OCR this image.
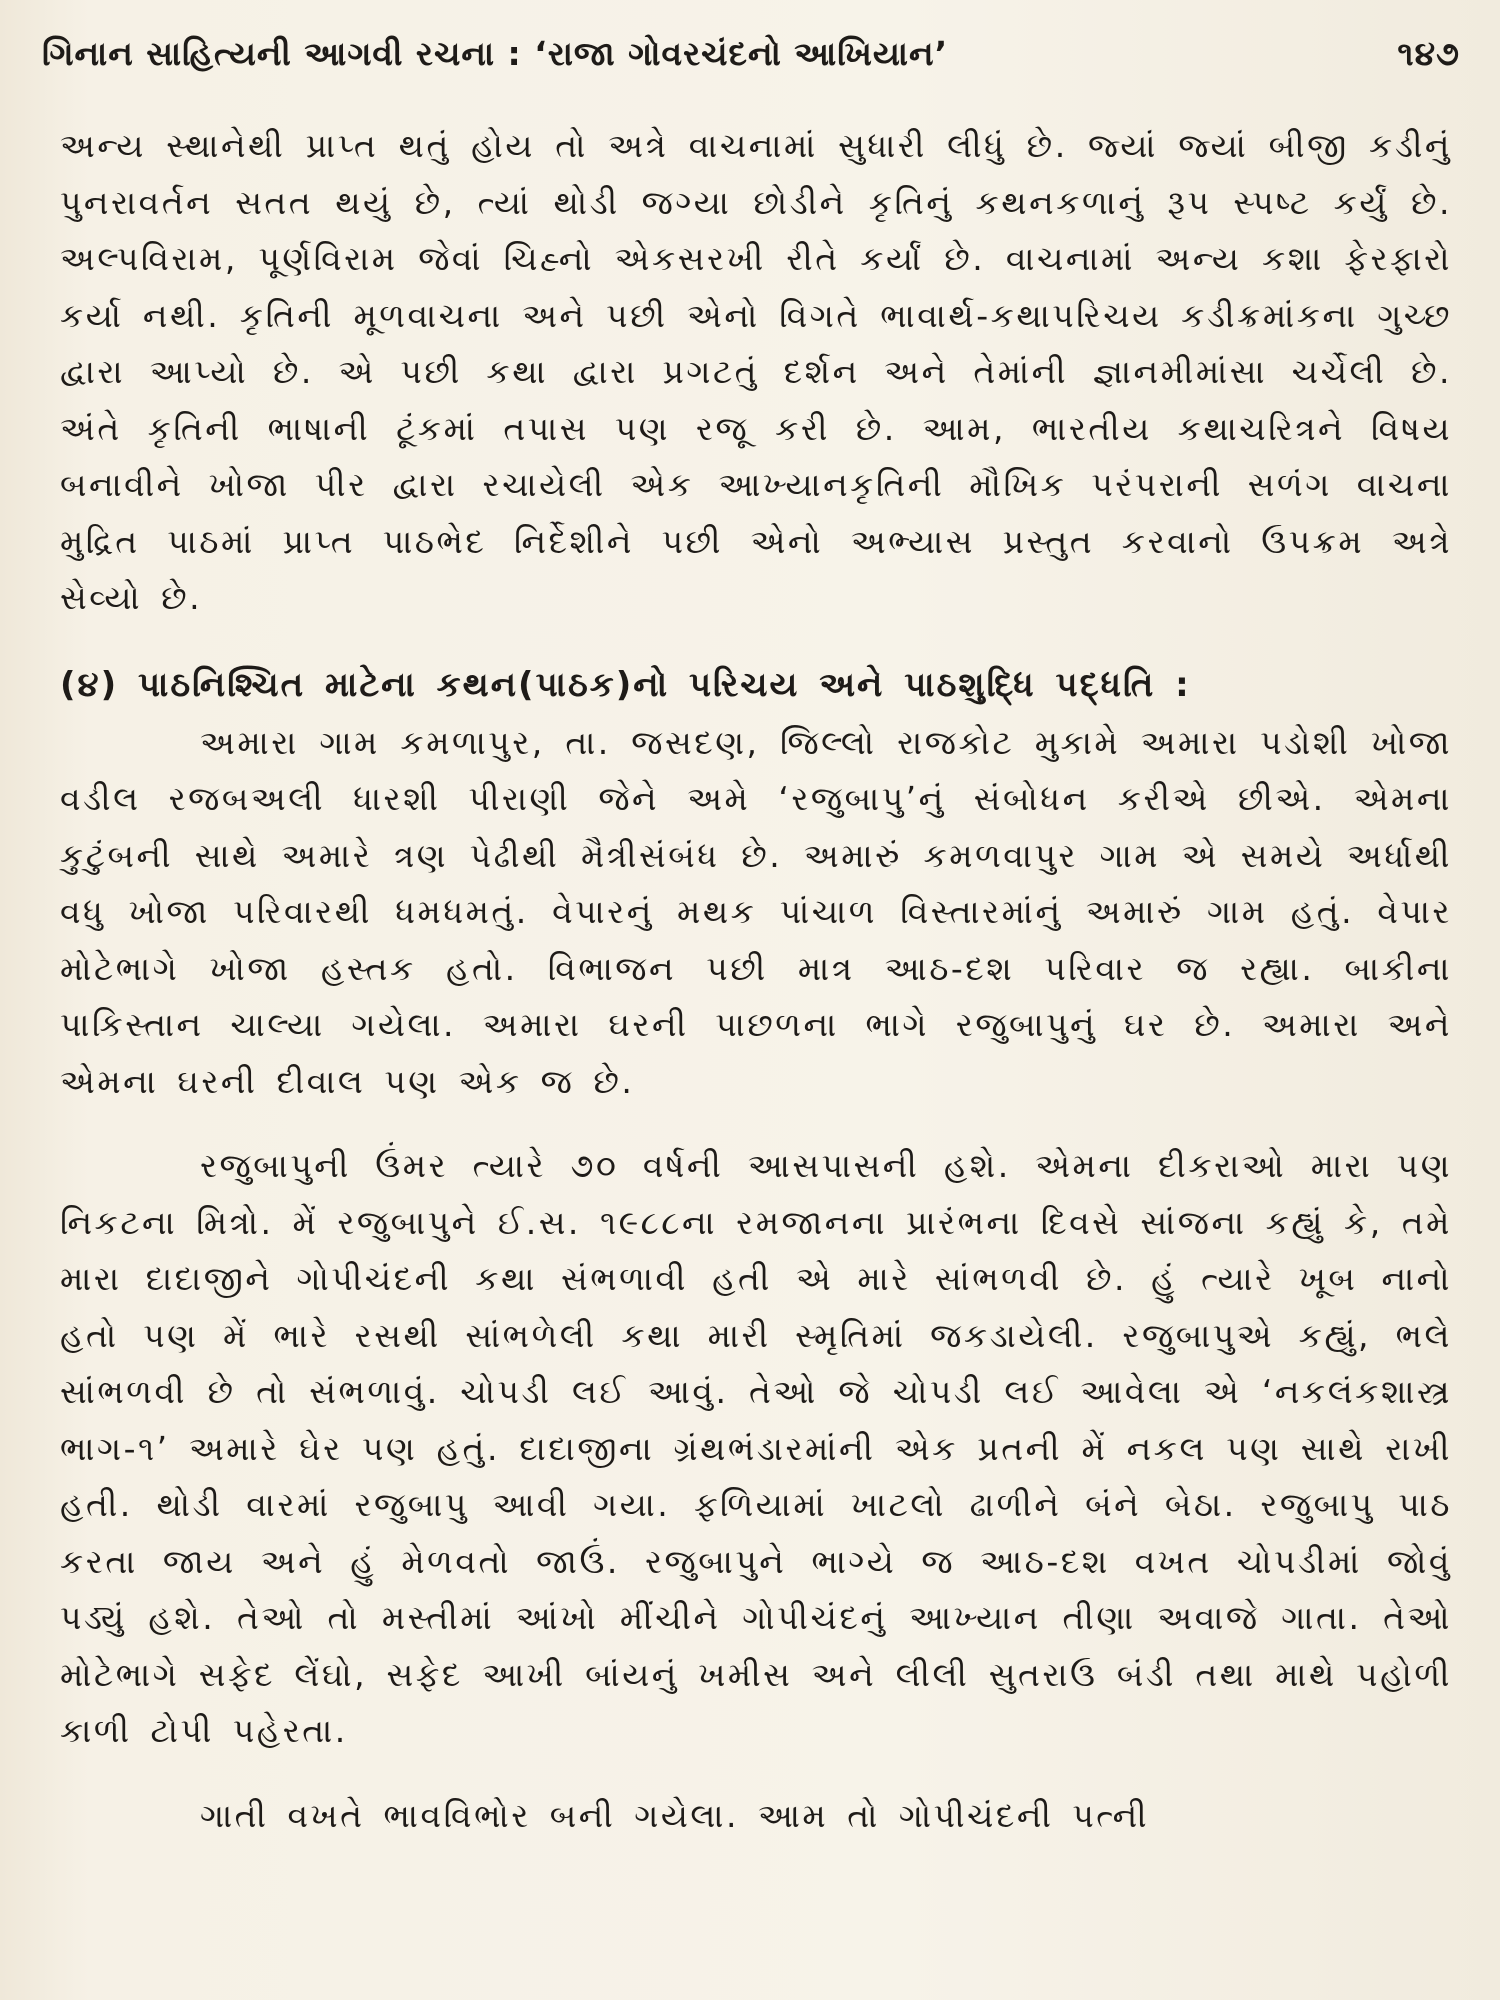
ગિનાન સાહિત્યની આગવી રચના : ‘રાજા ગોવરચંદનો આખિયાન’	૧૪૭

અન્ય સ્થાનેથી પ્રાપ્ત થતું હોય તો અત્રે વાચનામાં સુધારી લીધું છે. જ્યાં જ્યાં બીજી કડીનું પુનરાવર્તન સતત થયું છે, ત્યાં થોડી જગ્યા છોડીને કૃતિનું કથનકળાનું રૂપ સ્પષ્ટ કર્યું છે. અલ્પવિરામ, પૂર્ણવિરામ જેવાં ચિહ્નો એકસરખી રીતે કર્યાં છે. વાચનામાં અન્ય કશા ફેરફારો કર્યા નથી. કૃતિની મૂળવાચના અને પછી એનો વિગતે ભાવાર્થ-કથાપરિચય કડીક્રમાંકના ગુચ્છ દ્વારા આપ્યો છે. એ પછી કથા દ્વારા પ્રગટતું દર્શન અને તેમાંની જ્ઞાનમીમાંસા ચર્ચેલી છે. અંતે કૃતિની ભાષાની ટૂંકમાં તપાસ પણ રજૂ કરી છે. આમ, ભારતીય કથાચરિત્રને વિષય બનાવીને ખોજા પીર દ્વારા રચાયેલી એક આખ્યાનકૃતિની મૌખિક પરંપરાની સળંગ વાચના મુદ્રિત પાઠમાં પ્રાપ્ત પાઠભેદ નિર્દેશીને પછી એનો અભ્યાસ પ્રસ્તુત કરવાનો ઉપક્રમ અત્રે સેવ્યો છે.

(૪) પાઠનિશ્ચિત માટેના કથન(પાઠક)નો પરિચય અને પાઠશુદ્ધિ પદ્ધતિ :

અમારા ગામ કમળાપુર, તા. જસદણ, જિલ્લો રાજકોટ મુકામે અમારા પડોશી ખોજા વડીલ રજબઅલી ધારશી પીરાણી જેને અમે ‘રજુબાપુ’નું સંબોધન કરીએ છીએ. એમના કુટુંબની સાથે અમારે ત્રણ પેઢીથી મૈત્રીસંબંધ છે. અમારું કમળવાપુર ગામ એ સમયે અર્ધાથી વધુ ખોજા પરિવારથી ધમધમતું. વેપારનું મથક પાંચાળ વિસ્તારમાંનું અમારું ગામ હતું. વેપાર મોટેભાગે ખોજા હસ્તક હતો. વિભાજન પછી માત્ર આઠ-દશ પરિવાર જ રહ્યા. બાકીના પાકિસ્તાન ચાલ્યા ગયેલા. અમારા ઘરની પાછળના ભાગે રજુબાપુનું ઘર છે. અમારા અને એમના ઘરની દીવાલ પણ એક જ છે.

રજુબાપુની ઉંમર ત્યારે ૭૦ વર્ષની આસપાસની હશે. એમના દીકરાઓ મારા પણ નિકટના મિત્રો. મેં રજુબાપુને ઈ.સ. ૧૯૮૮ના રમજાનના પ્રારંભના દિવસે સાંજના કહ્યું કે, તમે મારા દાદાજીને ગોપીચંદની કથા સંભળાવી હતી એ મારે સાંભળવી છે. હું ત્યારે ખૂબ નાનો હતો પણ મેં ભારે રસથી સાંભળેલી કથા મારી સ્મૃતિમાં જકડાયેલી. રજુબાપુએ કહ્યું, ભલે સાંભળવી છે તો સંભળાવું. ચોપડી લઈ આવું. તેઓ જે ચોપડી લઈ આવેલા એ ‘નકલંકશાસ્ત્ર ભાગ-૧’ અમારે ઘેર પણ હતું. દાદાજીના ગ્રંથભંડારમાંની એક પ્રતની મેં નકલ પણ સાથે રાખી હતી. થોડી વારમાં રજુબાપુ આવી ગયા. ફળિયામાં ખાટલો ઢાળીને બંને બેઠા. રજુબાપુ પાઠ કરતા જાય અને હું મેળવતો જાઉં. રજુબાપુને ભાગ્યે જ આઠ-દશ વખત ચોપડીમાં જોવું પડ્યું હશે. તેઓ તો મસ્તીમાં આંખો મીંચીને ગોપીચંદનું આખ્યાન તીણા અવાજે ગાતા. તેઓ મોટેભાગે સફેદ લેંઘો, સફેદ આખી બાંયનું ખમીસ અને લીલી સુતરાઉ બંડી તથા માથે પહોળી કાળી ટોપી પહેરતા.

ગાતી વખતે ભાવવિભોર બની ગયેલા. આમ તો ગોપીચંદની પત્ની
